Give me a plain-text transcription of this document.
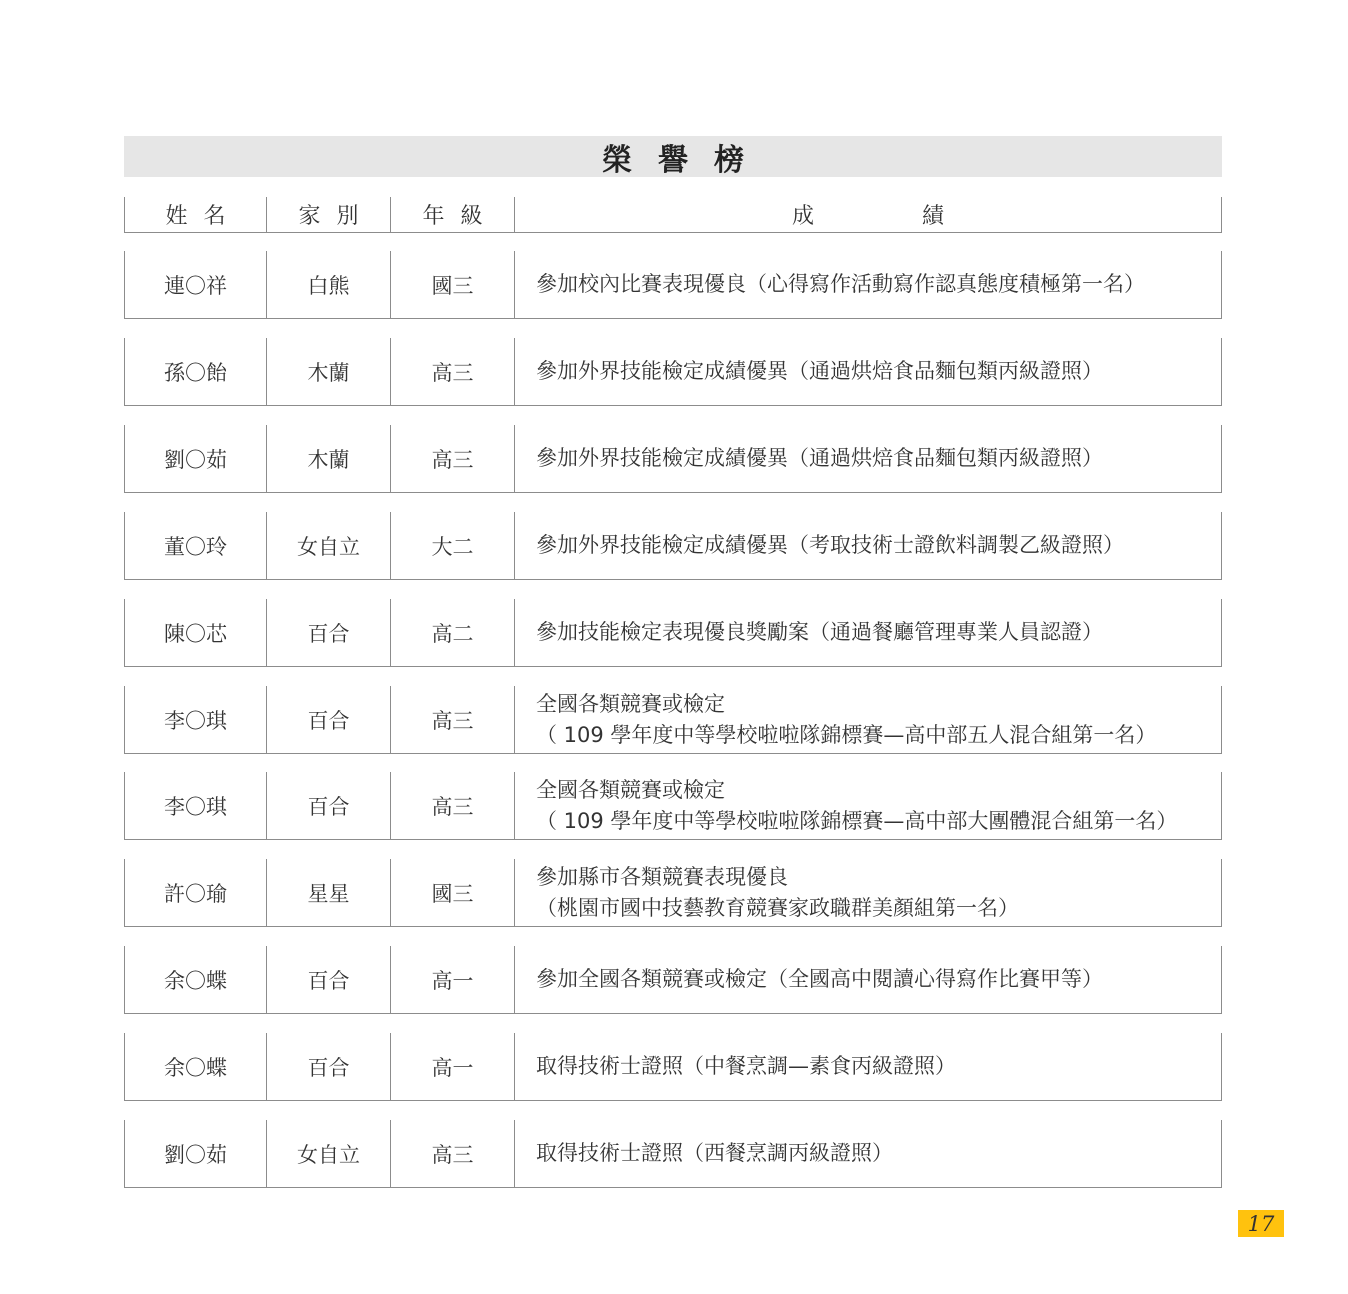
榮譽榜
姓名	家別 年級	成績
連〇祥	白熊	國三	參加校內比賽表現優良（心得寫作活動寫作認真態度積極第一名）
孫〇飴	木蘭	高三	參加外界技能檢定成績優異（通過烘焙食品麵包類丙級證照）
劉〇茹	木蘭	高三	參加外界技能檢定成績優異（通過烘焙食品麵包類丙級證照）
董〇玲	女自立	大二	參加外界技能檢定成績優異（考取技術士證飲料調製乙級證照）
陳〇芯	百合	高二	參加技能檢定表現優良獎勵案（通過餐廳管理專業人員認證）
李〇琪	百合	高三
全國各類競賽或檢定
（ 109 學年度中等學校啦啦隊錦標賽—高中部五人混合組第一名）
李〇琪	百合	高三
全國各類競賽或檢定
（ 109 學年度中等學校啦啦隊錦標賽—高中部大團體混合組第一名）
許〇瑜	星星	國三
參加縣市各類競賽表現優良
（桃園市國中技藝教育競賽家政職群美顏組第一名）
余〇蝶	百合	高一	參加全國各類競賽或檢定（全國高中閱讀心得寫作比賽甲等）
余〇蝶	百合	高一	取得技術士證照（中餐烹調—素食丙級證照）
劉〇茹	女自立	高三	取得技術士證照（西餐烹調丙級證照）
17
